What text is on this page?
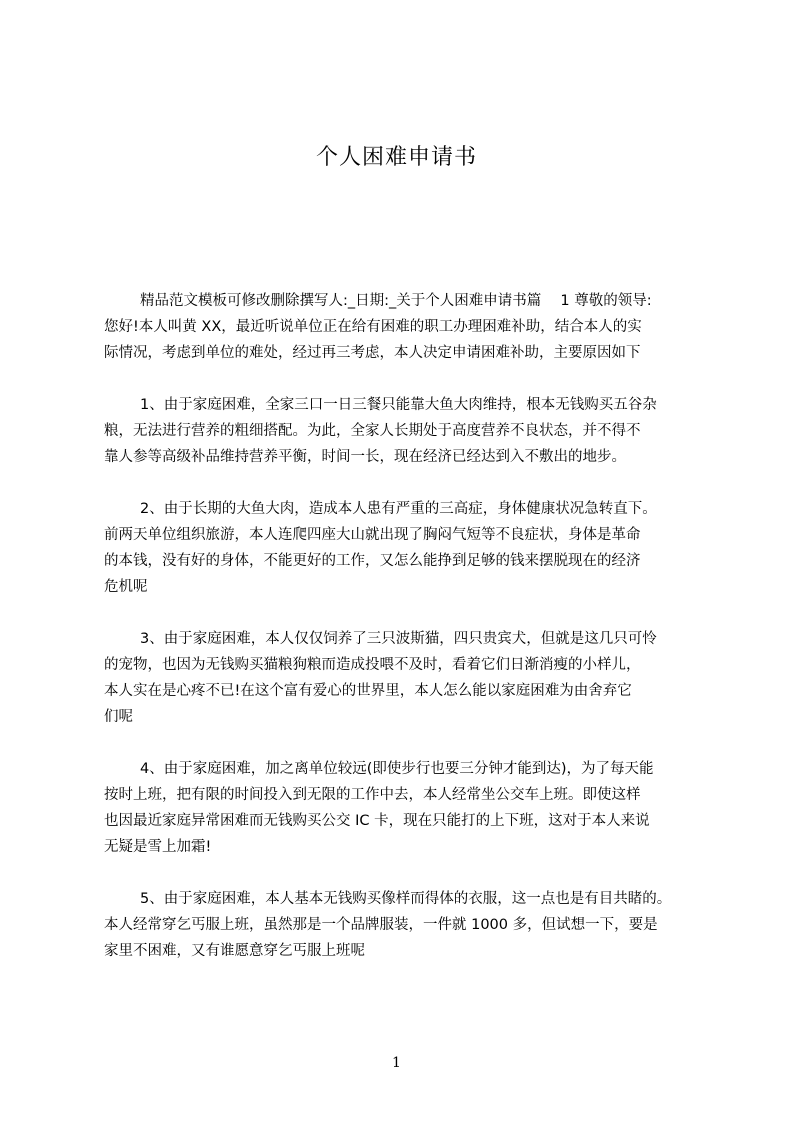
个人困难申请书
精品范文模板可修改删除撰写人:_日期:_关于个人困难申请书篇　 1 尊敬的领导:
您好!本人叫黄 XX，最近听说单位正在给有困难的职工办理困难补助，结合本人的实
际情况，考虑到单位的难处，经过再三考虑，本人决定申请困难补助，主要原因如下
1、由于家庭困难，全家三口一日三餐只能靠大鱼大肉维持，根本无钱购买五谷杂
粮，无法进行营养的粗细搭配。为此，全家人长期处于高度营养不良状态，并不得不
靠人参等高级补品维持营养平衡，时间一长，现在经济已经达到入不敷出的地步。
2、由于长期的大鱼大肉，造成本人患有严重的三高症，身体健康状况急转直下。
前两天单位组织旅游，本人连爬四座大山就出现了胸闷气短等不良症状，身体是革命
的本钱，没有好的身体，不能更好的工作，又怎么能挣到足够的钱来摆脱现在的经济
危机呢
3、由于家庭困难，本人仅仅饲养了三只波斯猫，四只贵宾犬，但就是这几只可怜
的宠物，也因为无钱购买猫粮狗粮而造成投喂不及时，看着它们日渐消瘦的小样儿，
本人实在是心疼不已!在这个富有爱心的世界里，本人怎么能以家庭困难为由舍弃它
们呢
4、由于家庭困难，加之离单位较远(即使步行也要三分钟才能到达)，为了每天能
按时上班，把有限的时间投入到无限的工作中去，本人经常坐公交车上班。即使这样
也因最近家庭异常困难而无钱购买公交 IC 卡，现在只能打的上下班，这对于本人来说
无疑是雪上加霜!
5、由于家庭困难，本人基本无钱购买像样而得体的衣服，这一点也是有目共睹的。
本人经常穿乞丐服上班，虽然那是一个品牌服装，一件就 1000 多，但试想一下，要是
家里不困难，又有谁愿意穿乞丐服上班呢
1
